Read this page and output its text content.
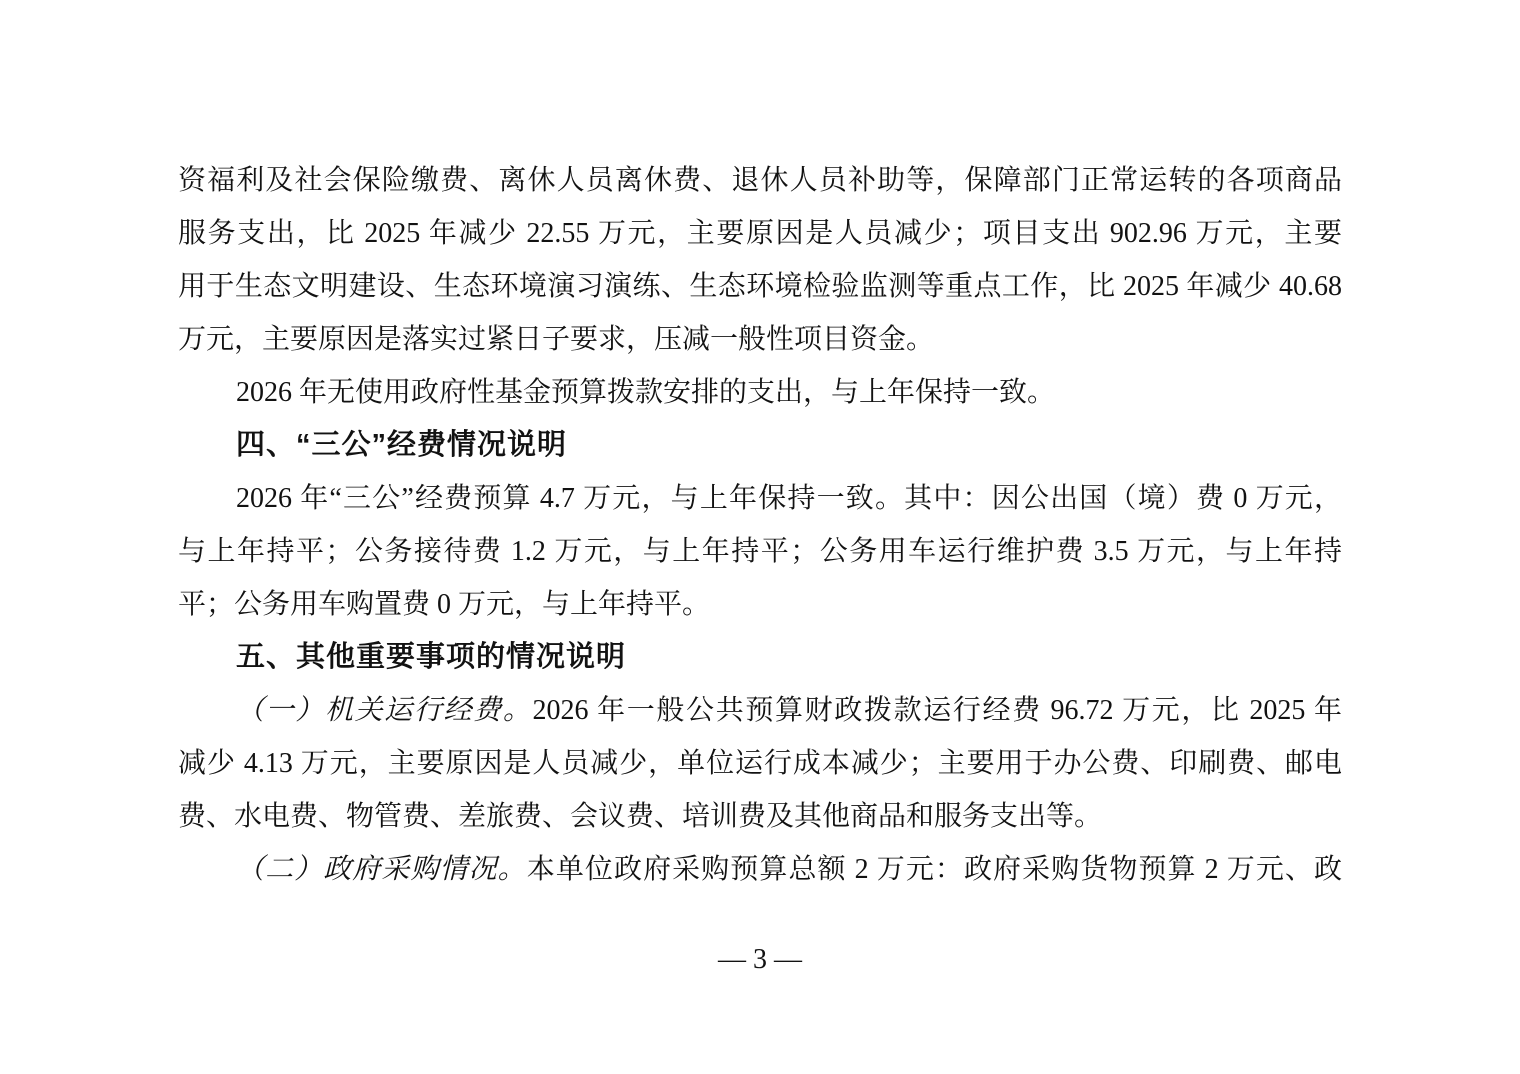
资福利及社会保险缴费、离休人员离休费、退休人员补助等，保障部门正常运转的各项商品
服务支出，比 2025 年减少 22.55 万元，主要原因是人员减少；项目支出 902.96 万元，主要
用于生态文明建设、生态环境演习演练、生态环境检验监测等重点工作，比 2025 年减少 40.68
万元，主要原因是落实过紧日子要求，压减一般性项目资金。
2026 年无使用政府性基金预算拨款安排的支出，与上年保持一致。
四、“三公”经费情况说明
2026 年“三公”经费预算 4.7 万元，与上年保持一致。其中：因公出国（境）费 0 万元，
与上年持平；公务接待费 1.2 万元，与上年持平；公务用车运行维护费 3.5 万元，与上年持
平；公务用车购置费 0 万元，与上年持平。
五、其他重要事项的情况说明
（一）机关运行经费。2026 年一般公共预算财政拨款运行经费 96.72 万元，比 2025 年
减少 4.13 万元，主要原因是人员减少，单位运行成本减少；主要用于办公费、印刷费、邮电
费、水电费、物管费、差旅费、会议费、培训费及其他商品和服务支出等。
（二）政府采购情况。本单位政府采购预算总额 2 万元：政府采购货物预算 2 万元、政
— 3 —
